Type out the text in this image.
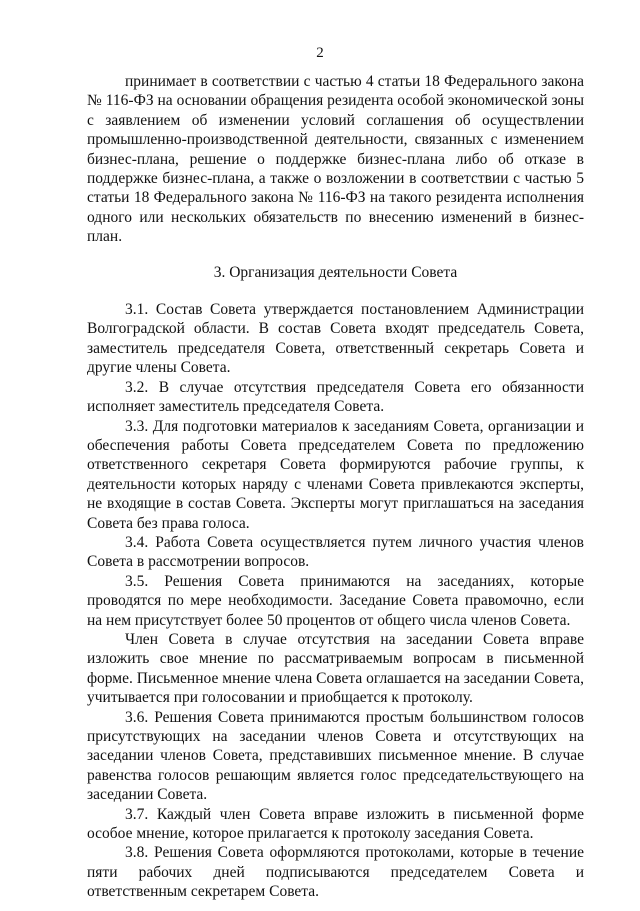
2

принимает в соответствии с частью 4 статьи 18 Федерального закона № 116-ФЗ на основании обращения резидента особой экономической зоны с заявлением об изменении условий соглашения об осуществлении промышленно-производственной деятельности, связанных с изменением бизнес-плана, решение о поддержке бизнес-плана либо об отказе в поддержке бизнес-плана, а также о возложении в соответствии с частью 5 статьи 18 Федерального закона № 116-ФЗ на такого резидента исполнения одного или нескольких обязательств по внесению изменений в бизнес-план.

3. Организация деятельности Совета

3.1. Состав Совета утверждается постановлением Администрации Волгоградской области. В состав Совета входят председатель Совета, заместитель председателя Совета, ответственный секретарь Совета и другие члены Совета.

3.2. В случае отсутствия председателя Совета его обязанности исполняет заместитель председателя Совета.

3.3. Для подготовки материалов к заседаниям Совета, организации и обеспечения работы Совета председателем Совета по предложению ответственного секретаря Совета формируются рабочие группы, к деятельности которых наряду с членами Совета привлекаются эксперты, не входящие в состав Совета. Эксперты могут приглашаться на заседания Совета без права голоса.

3.4. Работа Совета осуществляется путем личного участия членов Совета в рассмотрении вопросов.

3.5. Решения Совета принимаются на заседаниях, которые проводятся по мере необходимости. Заседание Совета правомочно, если на нем присутствует более 50 процентов от общего числа членов Совета.

Член Совета в случае отсутствия на заседании Совета вправе изложить свое мнение по рассматриваемым вопросам в письменной форме. Письменное мнение члена Совета оглашается на заседании Совета, учитывается при голосовании и приобщается к протоколу.

3.6. Решения Совета принимаются простым большинством голосов присутствующих на заседании членов Совета и отсутствующих на заседании членов Совета, представивших письменное мнение. В случае равенства голосов решающим является голос председательствующего на заседании Совета.

3.7. Каждый член Совета вправе изложить в письменной форме особое мнение, которое прилагается к протоколу заседания Совета.

3.8. Решения Совета оформляются протоколами, которые в течение пяти рабочих дней подписываются председателем Совета и ответственным секретарем Совета.
